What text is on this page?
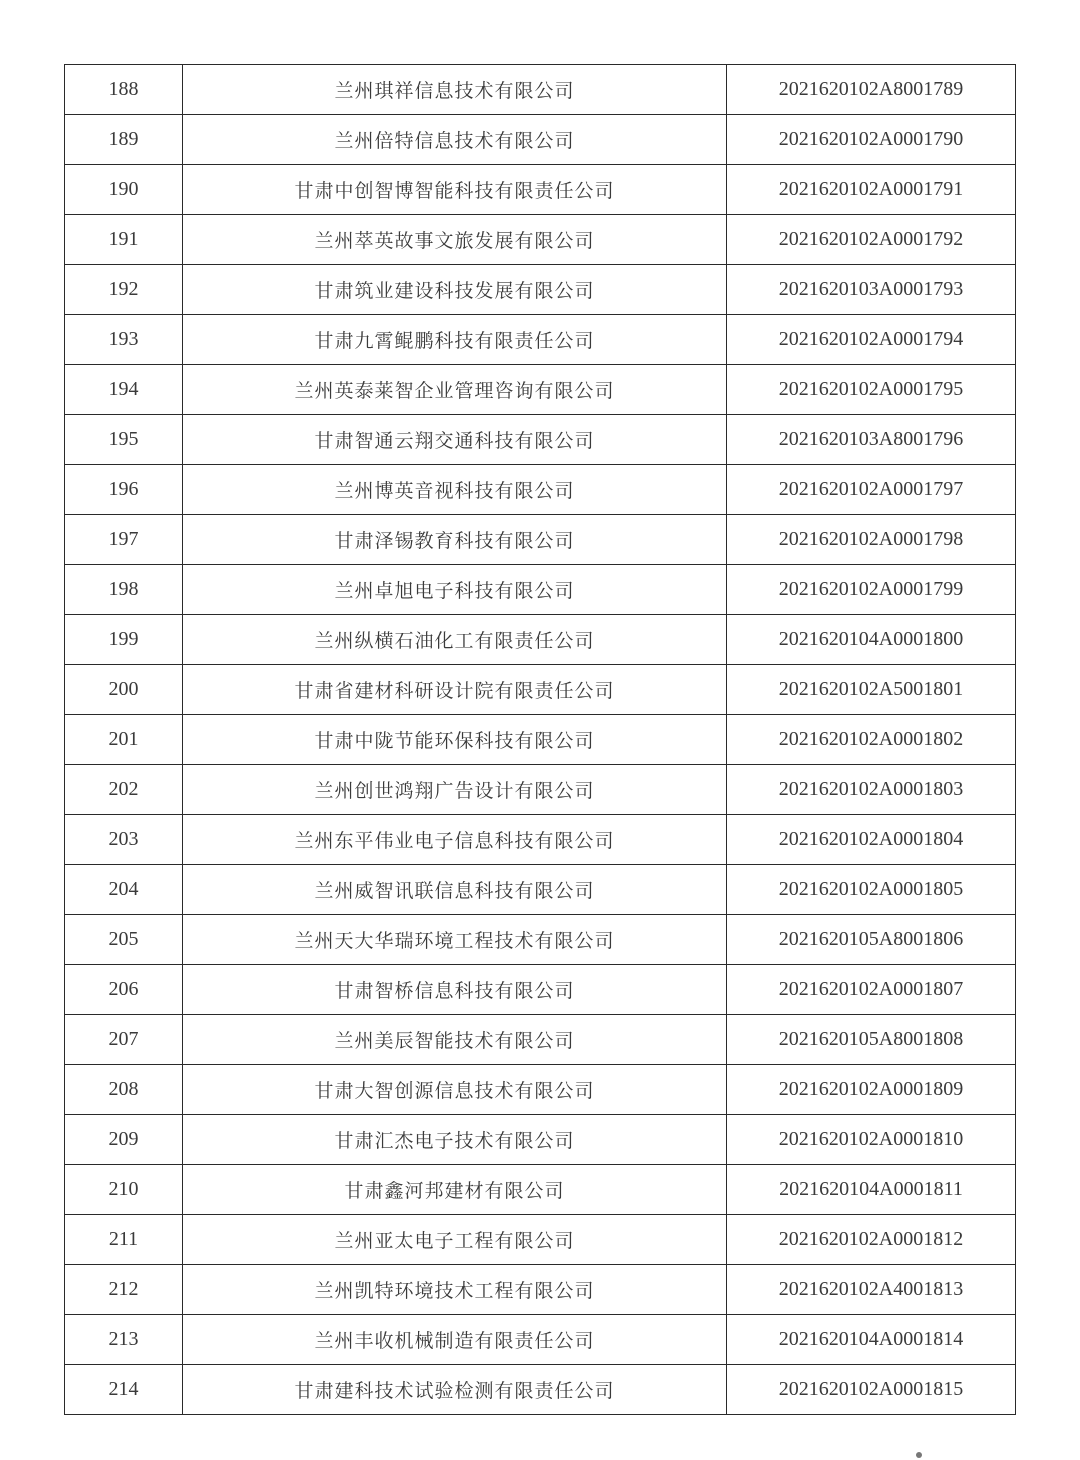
188	兰州琪祥信息技术有限公司	2021620102A8001789
189	兰州倍特信息技术有限公司	2021620102A0001790
190	甘肃中创智博智能科技有限责任公司	2021620102A0001791
191	兰州萃英故事文旅发展有限公司	2021620102A0001792
192	甘肃筑业建设科技发展有限公司	2021620103A0001793
193	甘肃九霄鲲鹏科技有限责任公司	2021620102A0001794
194	兰州英泰莱智企业管理咨询有限公司	2021620102A0001795
195	甘肃智通云翔交通科技有限公司	2021620103A8001796
196	兰州博英音视科技有限公司	2021620102A0001797
197	甘肃泽锡教育科技有限公司	2021620102A0001798
198	兰州卓旭电子科技有限公司	2021620102A0001799
199	兰州纵横石油化工有限责任公司	2021620104A0001800
200	甘肃省建材科研设计院有限责任公司	2021620102A5001801
201	甘肃中陇节能环保科技有限公司	2021620102A0001802
202	兰州创世鸿翔广告设计有限公司	2021620102A0001803
203	兰州东平伟业电子信息科技有限公司	2021620102A0001804
204	兰州威智讯联信息科技有限公司	2021620102A0001805
205	兰州天大华瑞环境工程技术有限公司	2021620105A8001806
206	甘肃智桥信息科技有限公司	2021620102A0001807
207	兰州美辰智能技术有限公司	2021620105A8001808
208	甘肃大智创源信息技术有限公司	2021620102A0001809
209	甘肃汇杰电子技术有限公司	2021620102A0001810
210	甘肃鑫河邦建材有限公司	2021620104A0001811
211	兰州亚太电子工程有限公司	2021620102A0001812
212	兰州凯特环境技术工程有限公司	2021620102A4001813
213	兰州丰收机械制造有限责任公司	2021620104A0001814
214	甘肃建科技术试验检测有限责任公司	2021620102A0001815
